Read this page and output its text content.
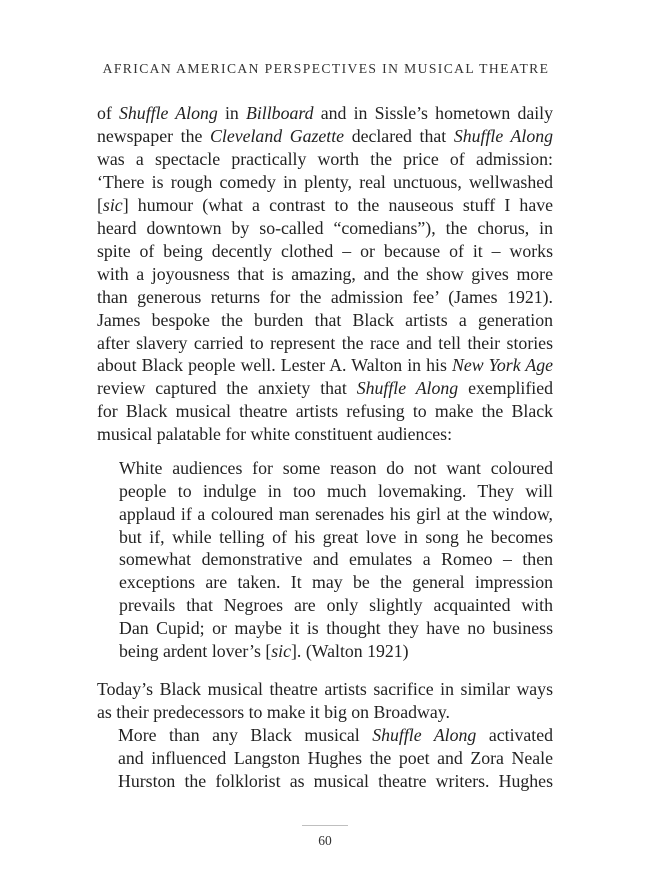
AFRICAN AMERICAN PERSPECTIVES IN MUSICAL THEATRE
of Shuffle Along in Billboard and in Sissle’s hometown daily
newspaper the Cleveland Gazette declared that Shuffle Along
was a spectacle practically worth the price of admission:
‘There is rough comedy in plenty, real unctuous, wellwashed
[sic] humour (what a contrast to the nauseous stuff I have
heard downtown by so-called “comedians”), the chorus, in
spite of being decently clothed – or because of it – works
with a joyousness that is amazing, and the show gives more
than generous returns for the admission fee’ (James 1921).
James bespoke the burden that Black artists a generation
after slavery carried to represent the race and tell their stories
about Black people well. Lester A. Walton in his New York Age
review captured the anxiety that Shuffle Along exemplified
for Black musical theatre artists refusing to make the Black
musical palatable for white constituent audiences:
White audiences for some reason do not want coloured
people to indulge in too much lovemaking. They will
applaud if a coloured man serenades his girl at the window,
but if, while telling of his great love in song he becomes
somewhat demonstrative and emulates a Romeo – then
exceptions are taken. It may be the general impression
prevails that Negroes are only slightly acquainted with
Dan Cupid; or maybe it is thought they have no business
being ardent lover’s [sic]. (Walton 1921)
Today’s Black musical theatre artists sacrifice in similar ways
as their predecessors to make it big on Broadway.
More than any Black musical Shuffle Along activated
and influenced Langston Hughes the poet and Zora Neale
Hurston the folklorist as musical theatre writers. Hughes
60
